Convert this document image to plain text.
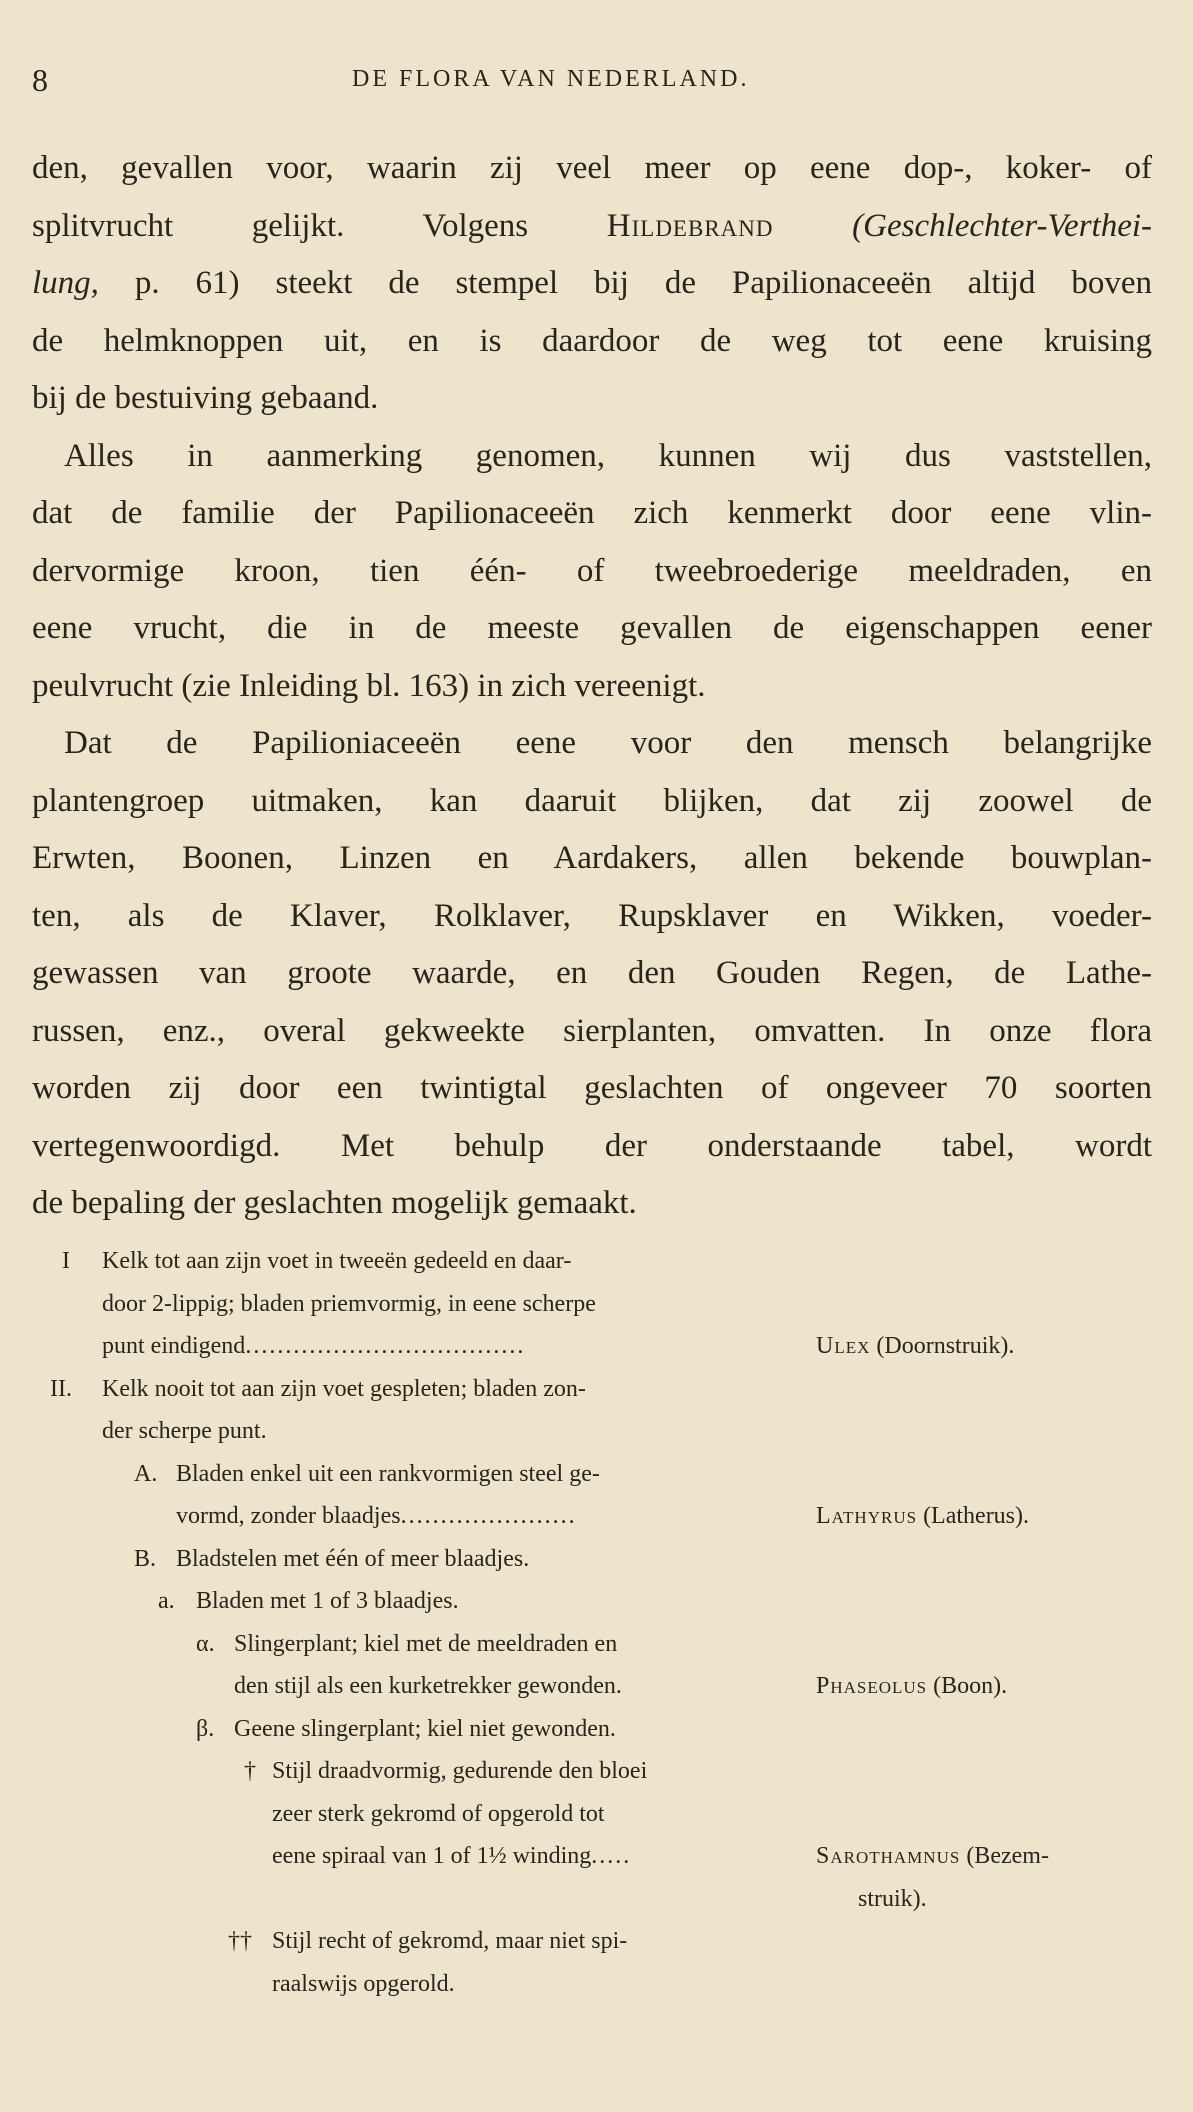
8	DE FLORA VAN NEDERLAND.
den, gevallen voor, waarin zij veel meer op eene dop-, koker- of
splitvrucht gelijkt. Volgens Hildebrand (Geschlechter-Verthei-
lung, p. 61) steekt de stempel bij de Papilionaceeën altijd boven
de helmknoppen uit, en is daardoor de weg tot eene kruising
bij de bestuiving gebaand.
Alles in aanmerking genomen, kunnen wij dus vaststellen,
dat de familie der Papilionaceeën zich kenmerkt door eene vlin-
dervormige kroon, tien één- of tweebroederige meeldraden, en
eene vrucht, die in de meeste gevallen de eigenschappen eener
peulvrucht (zie Inleiding bl. 163) in zich vereenigt.
Dat de Papilioniaceeën eene voor den mensch belangrijke
plantengroep uitmaken, kan daaruit blijken, dat zij zoowel de
Erwten, Boonen, Linzen en Aardakers, allen bekende bouwplan-
ten, als de Klaver, Rolklaver, Rupsklaver en Wikken, voeder-
gewassen van groote waarde, en den Gouden Regen, de Lathe-
russen, enz., overal gekweekte sierplanten, omvatten. In onze flora
worden zij door een twintigtal geslachten of ongeveer 70 soorten
vertegenwoordigd. Met behulp der onderstaande tabel, wordt
de bepaling der geslachten mogelijk gemaakt.
I Kelk tot aan zijn voet in tweeën gedeeld en daar-
door 2-lippig; bladen priemvormig, in eene scherpe
punt eindigend...................................	Ulex (Doornstruik).
II. Kelk nooit tot aan zijn voet gespleten; bladen zon-
der scherpe punt.
A. Bladen enkel uit een rankvormigen steel ge-
vormd, zonder blaadjes......................	Lathyrus (Latherus).
B. Bladstelen met één of meer blaadjes.
a. Bladen met 1 of 3 blaadjes.
α. Slingerplant; kiel met de meeldraden en
den stijl als een kurketrekker gewonden.	Phaseolus (Boon).
β. Geene slingerplant; kiel niet gewonden.
† Stijl draadvormig, gedurende den bloei
zeer sterk gekromd of opgerold tot
eene spiraal van 1 of 1½ winding.....	Sarothamnus (Bezem-
struik).
†† Stijl recht of gekromd, maar niet spi-
raalswijs opgerold.
